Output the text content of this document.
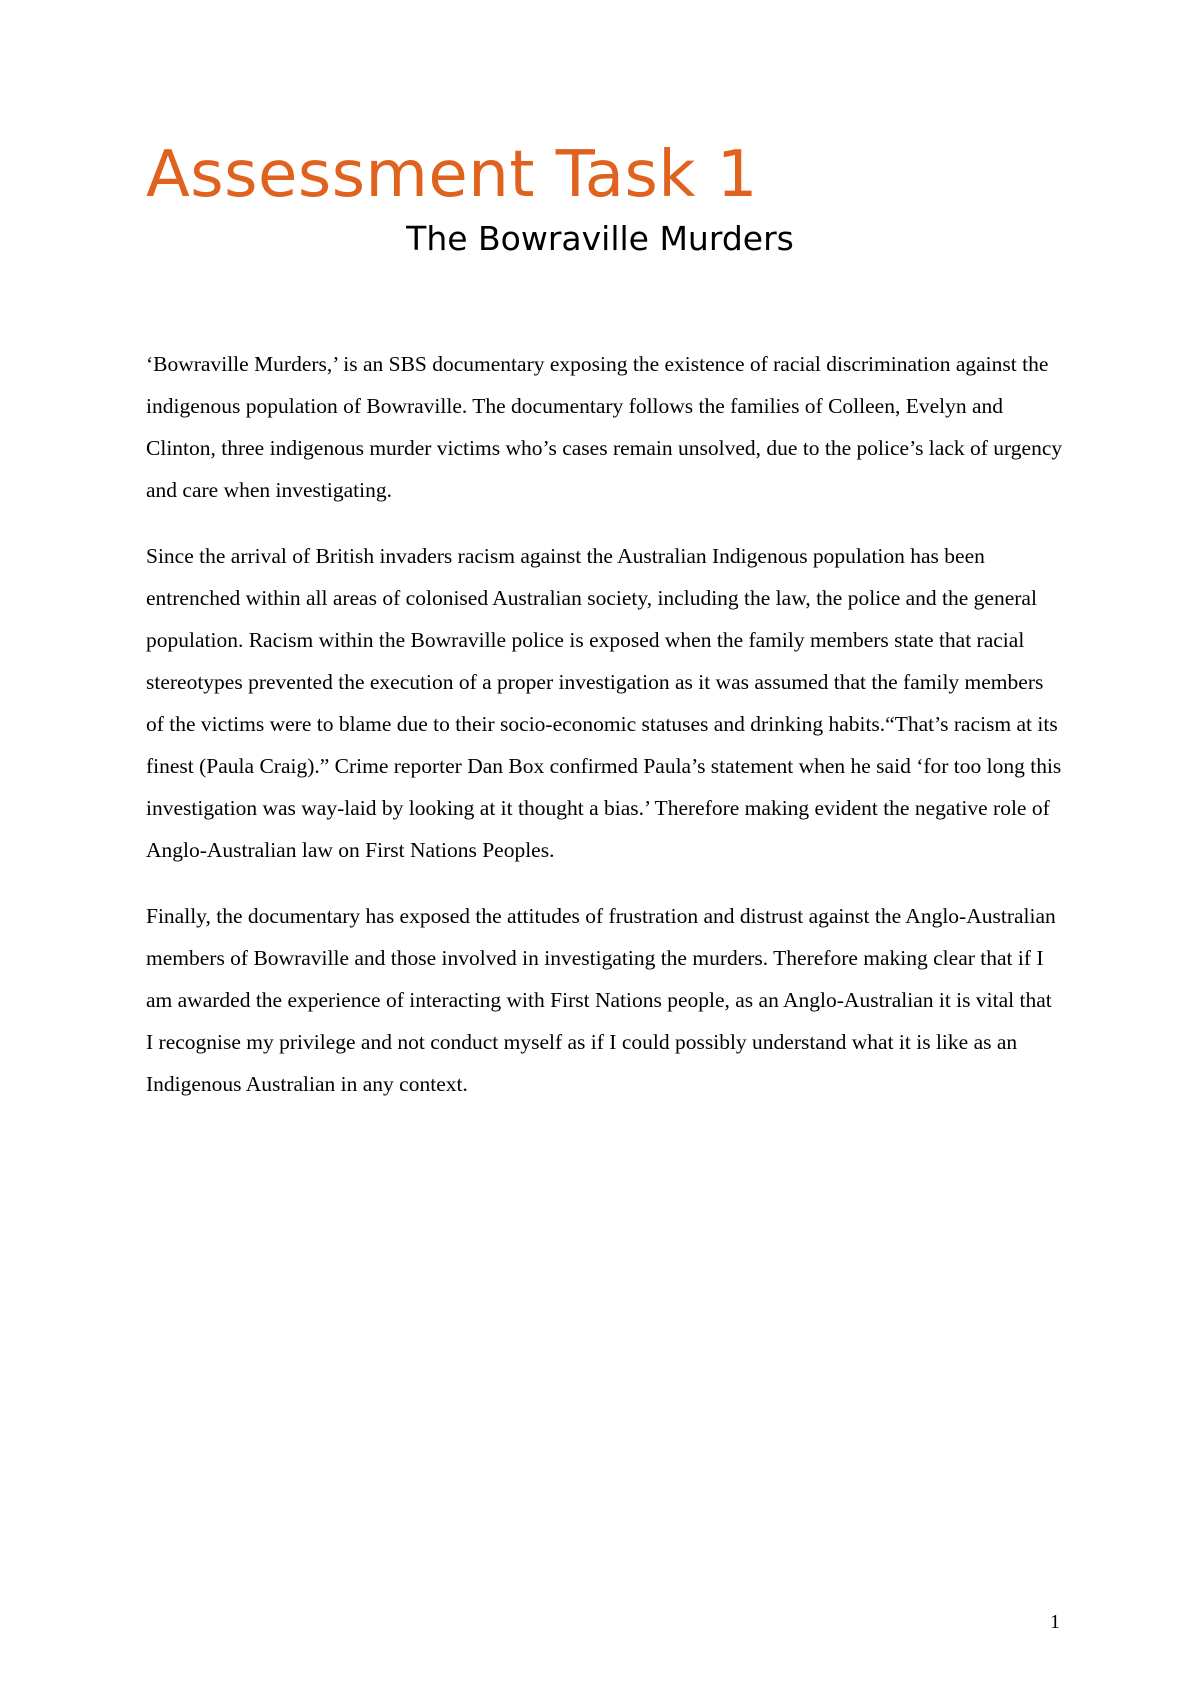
Assessment Task 1
The Bowraville Murders

‘Bowraville Murders,’ is an SBS documentary exposing the existence of racial discrimination against the indigenous population of Bowraville. The documentary follows the families of Colleen, Evelyn and Clinton, three indigenous murder victims who’s cases remain unsolved, due to the police’s lack of urgency and care when investigating.

Since the arrival of British invaders racism against the Australian Indigenous population has been entrenched within all areas of colonised Australian society, including the law, the police and the general population. Racism within the Bowraville police is exposed when the family members state that racial stereotypes prevented the execution of a proper investigation as it was assumed that the family members of the victims were to blame due to their socio-economic statuses and drinking habits.“That’s racism at its finest (Paula Craig).” Crime reporter Dan Box confirmed Paula’s statement when he said ‘for too long this investigation was way-laid by looking at it thought a bias.’ Therefore making evident the negative role of Anglo-Australian law on First Nations Peoples.

Finally, the documentary has exposed the attitudes of frustration and distrust against the Anglo-Australian members of Bowraville and those involved in investigating the murders. Therefore making clear that if I am awarded the experience of interacting with First Nations people, as an Anglo-Australian it is vital that I recognise my privilege and not conduct myself as if I could possibly understand what it is like as an Indigenous Australian in any context.

1
